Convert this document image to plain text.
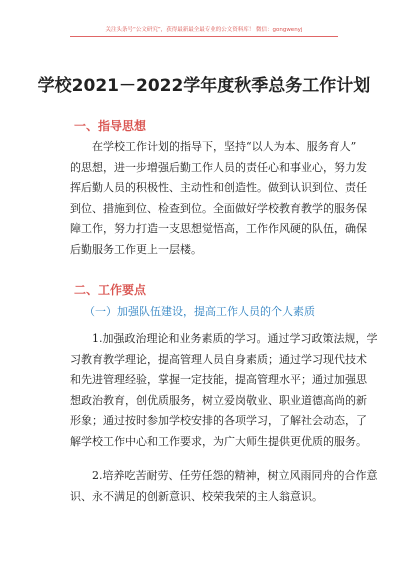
关注头条号“公文研究”，获得最新最全最专业的公文资料库！ 微信：gongwenyj
学校2021－2022学年度秋季总务工作计划
一、指导思想
在学校工作计划的指导下，坚持“以人为本、服务育人”
的思想，进一步增强后勤工作人员的责任心和事业心，努力发
挥后勤人员的积极性、主动性和创造性。做到认识到位、责任
到位、措施到位、检查到位。全面做好学校教育教学的服务保
障工作，努力打造一支思想觉悟高，工作作风硬的队伍，确保
后勤服务工作更上一层楼。
二、工作要点
（一）加强队伍建设，提高工作人员的个人素质
1.加强政治理论和业务素质的学习。通过学习政策法规，学
习教育教学理论，提高管理人员自身素质；通过学习现代技术
和先进管理经验，掌握一定技能，提高管理水平；通过加强思
想政治教育，创优质服务，树立爱岗敬业、职业道德高尚的新
形象；通过按时参加学校安排的各项学习，了解社会动态，了
解学校工作中心和工作要求，为广大师生提供更优质的服务。
2.培养吃苦耐劳、任劳任怨的精神，树立风雨同舟的合作意
识、永不满足的创新意识、校荣我荣的主人翁意识。
